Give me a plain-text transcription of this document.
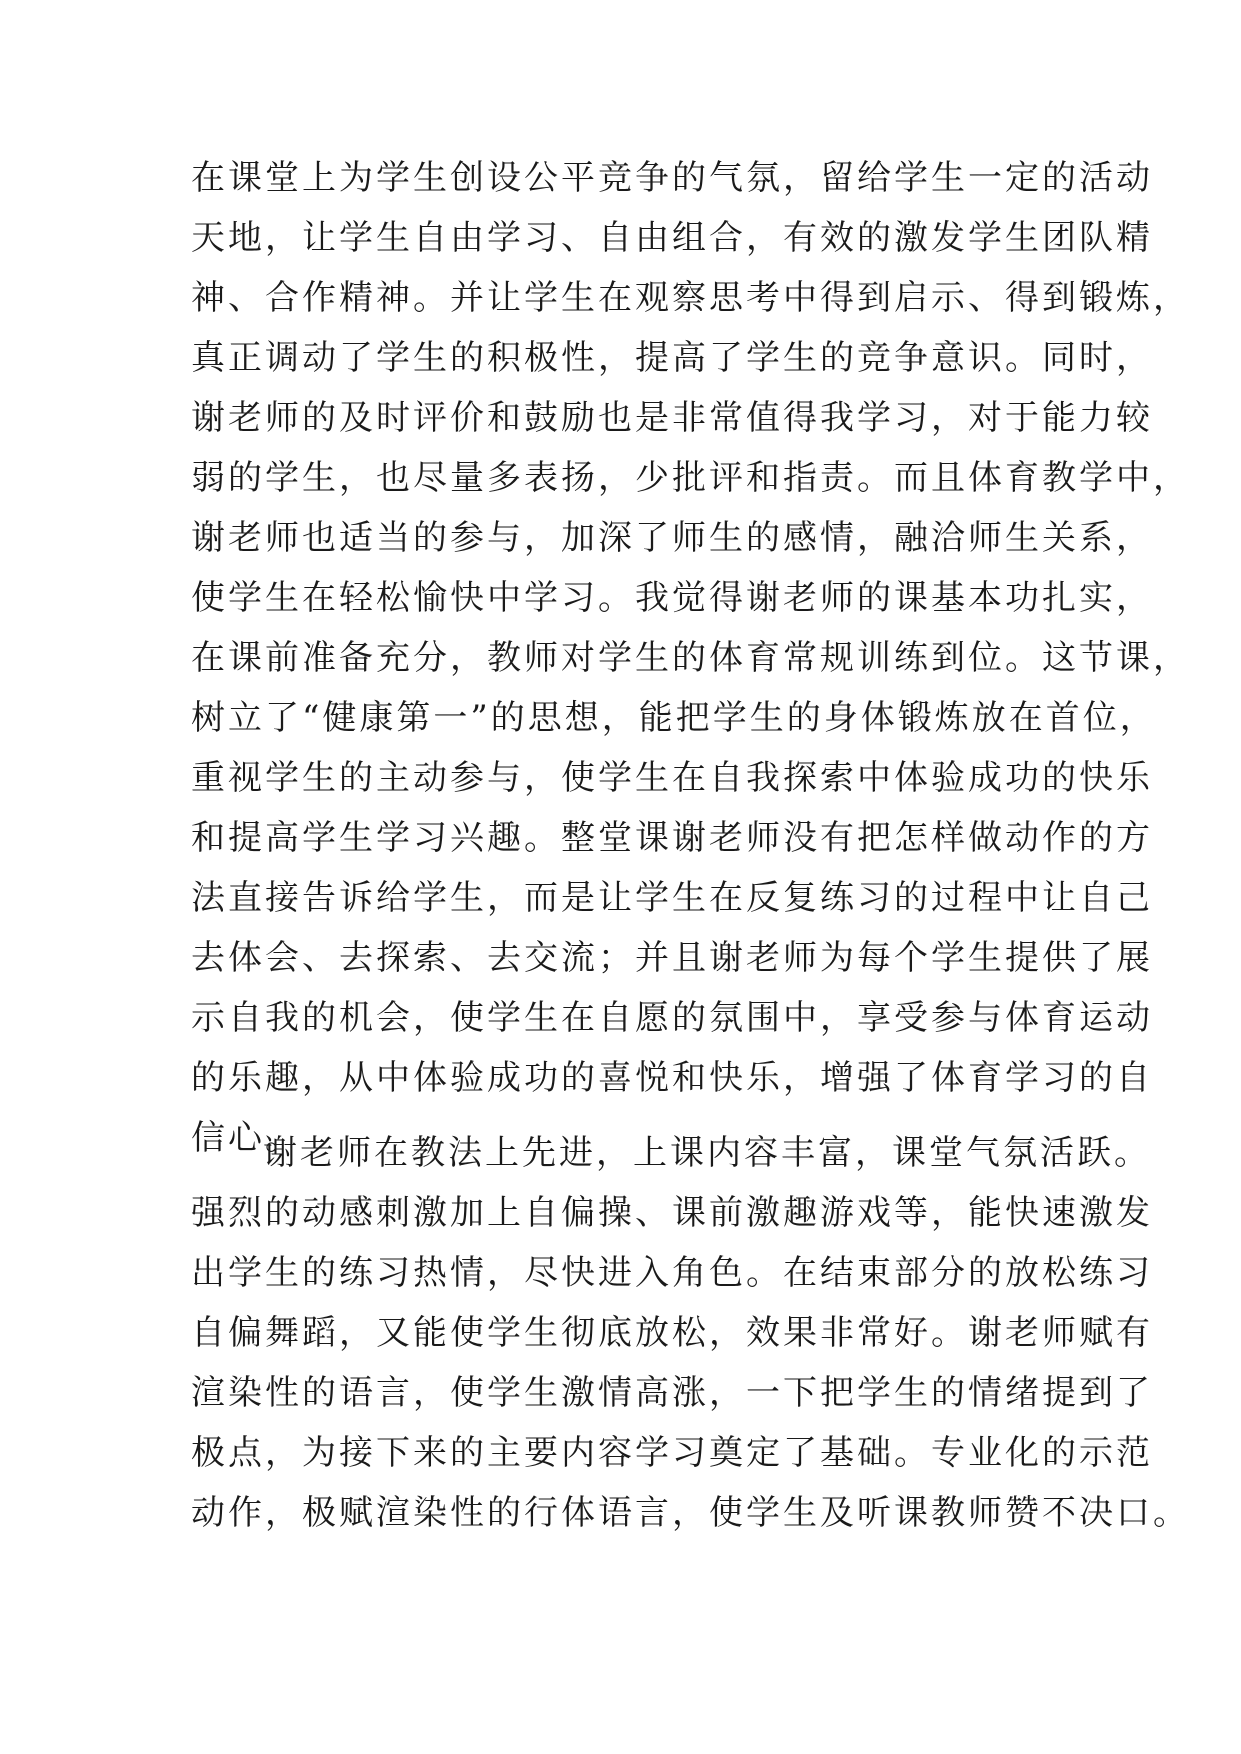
在课堂上为学生创设公平竞争的气氛，留给学生一定的活动
天地，让学生自由学习、自由组合，有效的激发学生团队精
神、合作精神。并让学生在观察思考中得到启示、得到锻炼，
真正调动了学生的积极性，提高了学生的竞争意识。同时，
谢老师的及时评价和鼓励也是非常值得我学习，对于能力较
弱的学生，也尽量多表扬，少批评和指责。而且体育教学中，
谢老师也适当的参与，加深了师生的感情，融洽师生关系，
使学生在轻松愉快中学习。我觉得谢老师的课基本功扎实，
在课前准备充分，教师对学生的体育常规训练到位。这节课，
树立了“健康第一”的思想，能把学生的身体锻炼放在首位，
重视学生的主动参与，使学生在自我探索中体验成功的快乐
和提高学生学习兴趣。整堂课谢老师没有把怎样做动作的方
法直接告诉给学生，而是让学生在反复练习的过程中让自己
去体会、去探索、去交流；并且谢老师为每个学生提供了展
示自我的机会，使学生在自愿的氛围中，享受参与体育运动
的乐趣，从中体验成功的喜悦和快乐，增强了体育学习的自
信心。
谢老师在教法上先进，上课内容丰富，课堂气氛活跃。
强烈的动感刺激加上自偏操、课前激趣游戏等，能快速激发
出学生的练习热情，尽快进入角色。在结束部分的放松练习
自偏舞蹈，又能使学生彻底放松，效果非常好。谢老师赋有
渲染性的语言，使学生激情高涨，一下把学生的情绪提到了
极点，为接下来的主要内容学习奠定了基础。专业化的示范
动作，极赋渲染性的行体语言，使学生及听课教师赞不决口。
